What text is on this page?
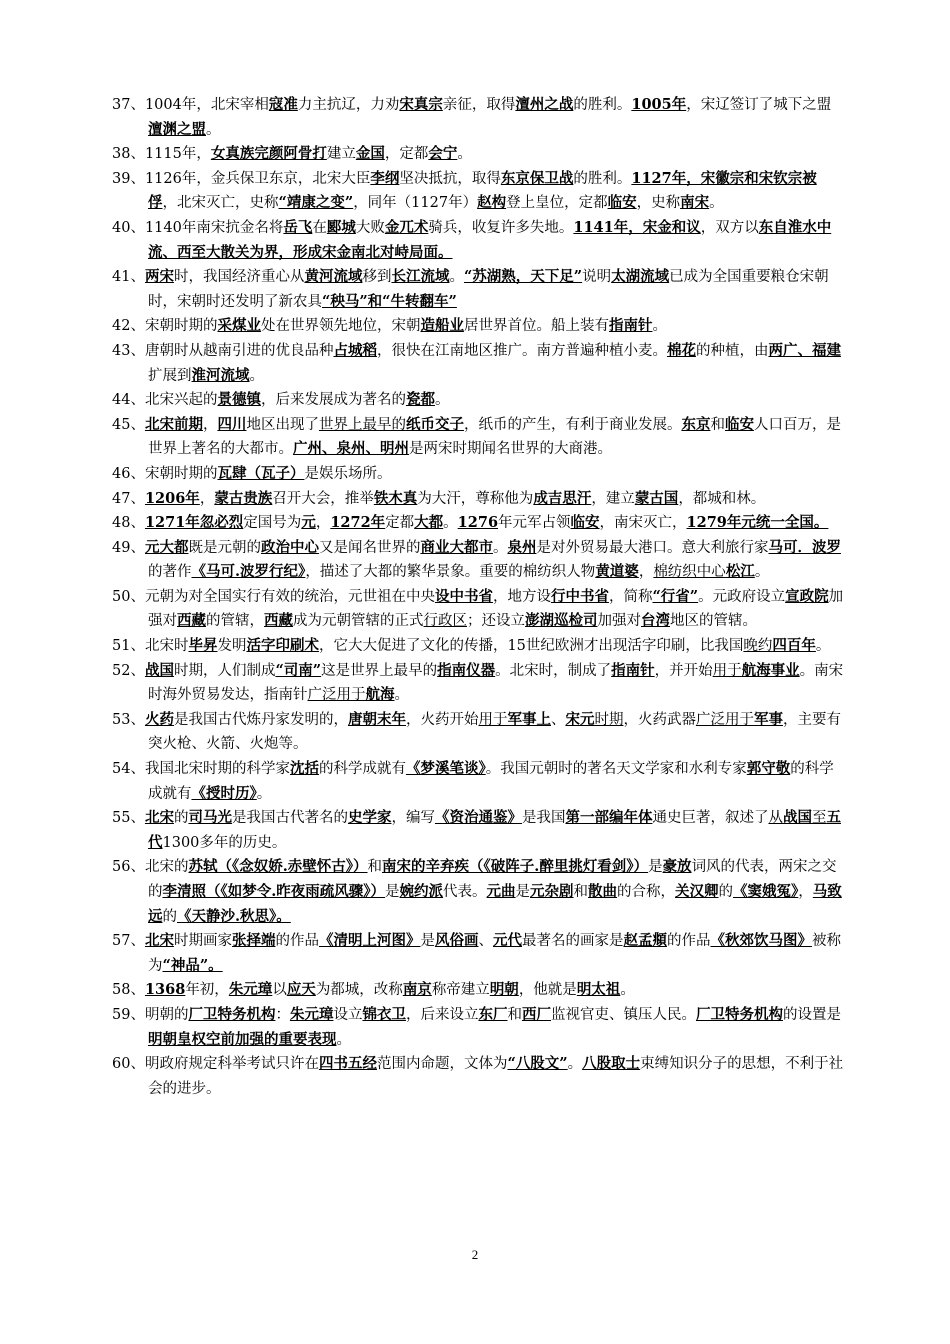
37、1004年，北宋宰相寇准力主抗辽，力劝宋真宗亲征，取得澶州之战的胜利。1005年，宋辽签订了城下之盟澶渊之盟。

38、1115年，女真族完颜阿骨打建立金国，定都会宁。

39、1126年，金兵保卫东京，北宋大臣李纲坚决抵抗，取得东京保卫战的胜利。1127年，宋徽宗和宋钦宗被俘，北宋灭亡，史称“靖康之变”，同年（1127年）赵构登上皇位，定都临安，史称南宋。

40、1140年南宋抗金名将岳飞在郾城大败金兀术骑兵，收复许多失地。1141年，宋金和议，双方以东自淮水中流、西至大散关为界，形成宋金南北对峙局面。

41、两宋时，我国经济重心从黄河流域移到长江流域。“苏湖熟，天下足”说明太湖流域已成为全国重要粮仓宋朝时，宋朝时还发明了新农具“秧马”和“牛转翻车”

42、宋朝时期的采煤业处在世界领先地位，宋朝造船业居世界首位。船上装有指南针。

43、唐朝时从越南引进的优良品种占城稻，很快在江南地区推广。南方普遍种植小麦。棉花的种植，由两广、福建扩展到淮河流域。

44、北宋兴起的景德镇，后来发展成为著名的瓷都。

45、北宋前期，四川地区出现了世界上最早的纸币交子，纸币的产生，有利于商业发展。东京和临安人口百万，是世界上著名的大都市。广州、泉州、明州是两宋时期闻名世界的大商港。

46、宋朝时期的瓦肆（瓦子）是娱乐场所。

47、1206年，蒙古贵族召开大会，推举铁木真为大汗，尊称他为成吉思汗，建立蒙古国，都城和林。

48、1271年忽必烈定国号为元，1272年定都大都。1276年元军占领临安，南宋灭亡，1279年元统一全国。

49、元大都既是元朝的政治中心又是闻名世界的商业大都市。泉州是对外贸易最大港口。意大利旅行家马可．波罗的著作《马可.波罗行纪》，描述了大都的繁华景象。重要的棉纺织人物黄道婆，棉纺织中心松江。

50、元朝为对全国实行有效的统治，元世祖在中央设中书省，地方设行中书省，简称“行省”。元政府设立宣政院加强对西藏的管辖，西藏成为元朝管辖的正式行政区；还设立澎湖巡检司加强对台湾地区的管辖。

51、北宋时毕昇发明活字印刷术，它大大促进了文化的传播，15世纪欧洲才出现活字印刷，比我国晚约四百年。

52、战国时期，人们制成“司南”这是世界上最早的指南仪器。北宋时，制成了指南针，并开始用于航海事业。南宋时海外贸易发达，指南针广泛用于航海。

53、火药是我国古代炼丹家发明的，唐朝末年，火药开始用于军事上、宋元时期，火药武器广泛用于军事，主要有突火枪、火箭、火炮等。

54、我国北宋时期的科学家沈括的科学成就有《梦溪笔谈》。我国元朝时的著名天文学家和水利专家郭守敬的科学成就有《授时历》。

55、北宋的司马光是我国古代著名的史学家，编写《资治通鉴》是我国第一部编年体通史巨著，叙述了从战国至五代1300多年的历史。

56、北宋的苏轼（《念奴娇.赤壁怀古》）和南宋的辛弃疾（《破阵子.醉里挑灯看剑》）是豪放词风的代表，两宋之交的李清照（《如梦令.昨夜雨疏风骤》）是婉约派代表。元曲是元杂剧和散曲的合称，关汉卿的《窦娥冤》，马致远的《天静沙.秋思》。

57、北宋时期画家张择端的作品《清明上河图》是风俗画、元代最著名的画家是赵孟頫的作品《秋郊饮马图》被称为“神品”。

58、1368年初，朱元璋以应天为都城，改称南京称帝建立明朝，他就是明太祖。

59、明朝的厂卫特务机构：朱元璋设立锦衣卫，后来设立东厂和西厂监视官吏、镇压人民。厂卫特务机构的设置是明朝皇权空前加强的重要表现。

60、明政府规定科举考试只许在四书五经范围内命题，文体为“八股文”。八股取士束缚知识分子的思想，不利于社会的进步。

2
